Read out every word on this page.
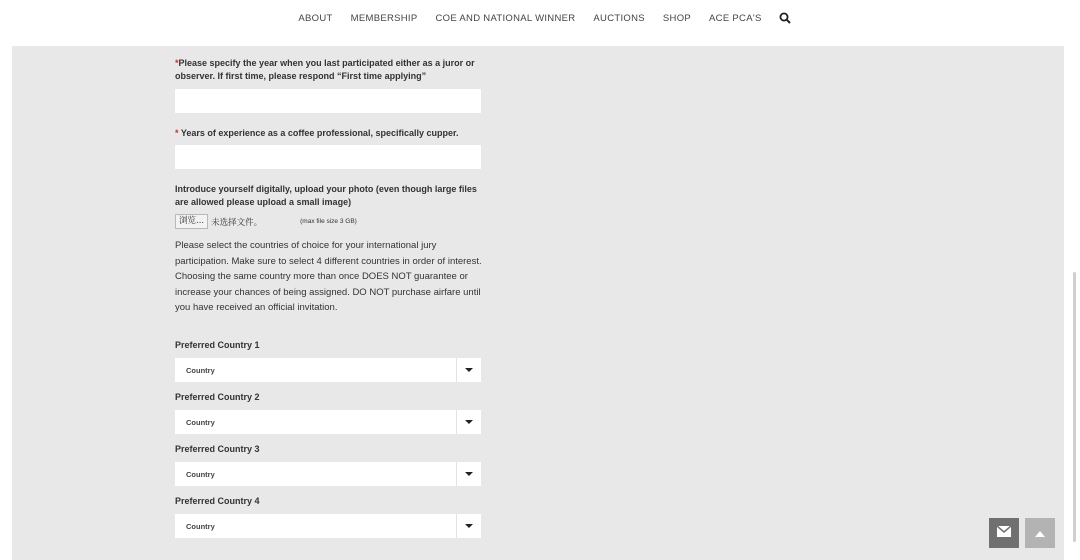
ABOUT MEMBERSHIP COE AND NATIONAL WINNER AUCTIONS SHOP ACE PCA'S
*Please specify the year when you last participated either as a juror or observer. If first time, please respond “First time applying”
* Years of experience as a coffee professional, specifically cupper.
Introduce yourself digitally, upload your photo (even though large files are allowed please upload a small image)
浏览... 未选择文件。	(max file size 3 GB)
Please select the countries of choice for your international jury participation. Make sure to select 4 different countries in order of interest. Choosing the same country more than once DOES NOT guarantee or increase your chances of being assigned. DO NOT purchase airfare until you have received an official invitation.
Preferred Country 1
Country
Preferred Country 2
Country
Preferred Country 3
Country
Preferred Country 4
Country
